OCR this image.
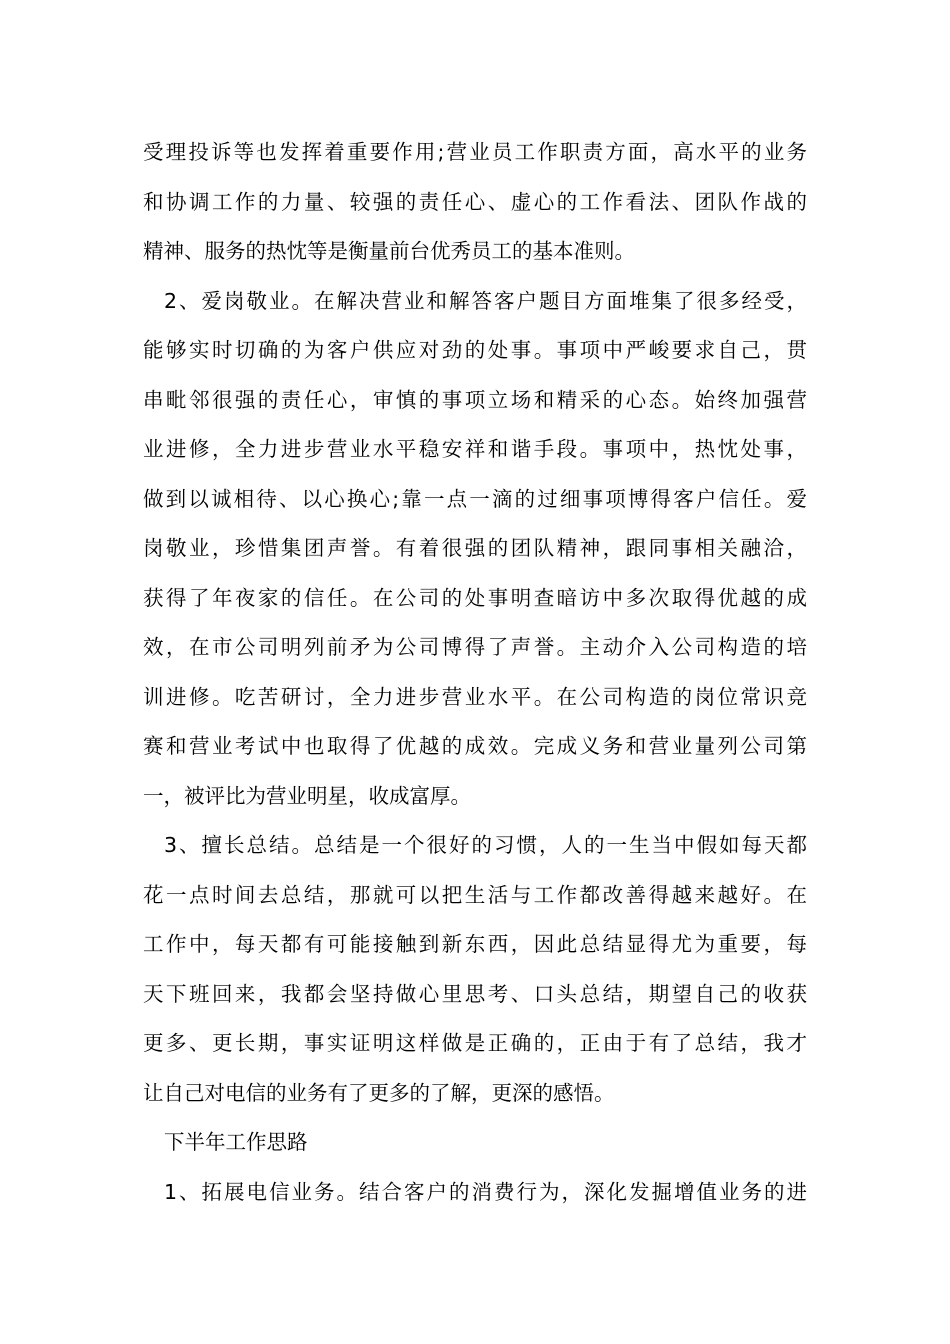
受理投诉等也发挥着重要作用;营业员工作职责方面，高水平的业务
和协调工作的力量、较强的责任心、虚心的工作看法、团队作战的
精神、服务的热忱等是衡量前台优秀员工的基本准则。
2、爱岗敬业。在解决营业和解答客户题目方面堆集了很多经受，
能够实时切确的为客户供应对劲的处事。事项中严峻要求自己，贯
串毗邻很强的责任心，审慎的事项立场和精采的心态。始终加强营
业进修，全力进步营业水平稳安祥和谐手段。事项中，热忱处事，
做到以诚相待、以心换心;靠一点一滴的过细事项博得客户信任。爱
岗敬业，珍惜集团声誉。有着很强的团队精神，跟同事相关融洽，
获得了年夜家的信任。在公司的处事明查暗访中多次取得优越的成
效，在市公司明列前矛为公司博得了声誉。主动介入公司构造的培
训进修。吃苦研讨，全力进步营业水平。在公司构造的岗位常识竞
赛和营业考试中也取得了优越的成效。完成义务和营业量列公司第
一，被评比为营业明星，收成富厚。
3、擅长总结。总结是一个很好的习惯，人的一生当中假如每天都
花一点时间去总结，那就可以把生活与工作都改善得越来越好。在
工作中，每天都有可能接触到新东西，因此总结显得尤为重要，每
天下班回来，我都会坚持做心里思考、口头总结，期望自己的收获
更多、更长期，事实证明这样做是正确的，正由于有了总结，我才
让自己对电信的业务有了更多的了解，更深的感悟。
下半年工作思路
1、拓展电信业务。结合客户的消费行为，深化发掘增值业务的进
